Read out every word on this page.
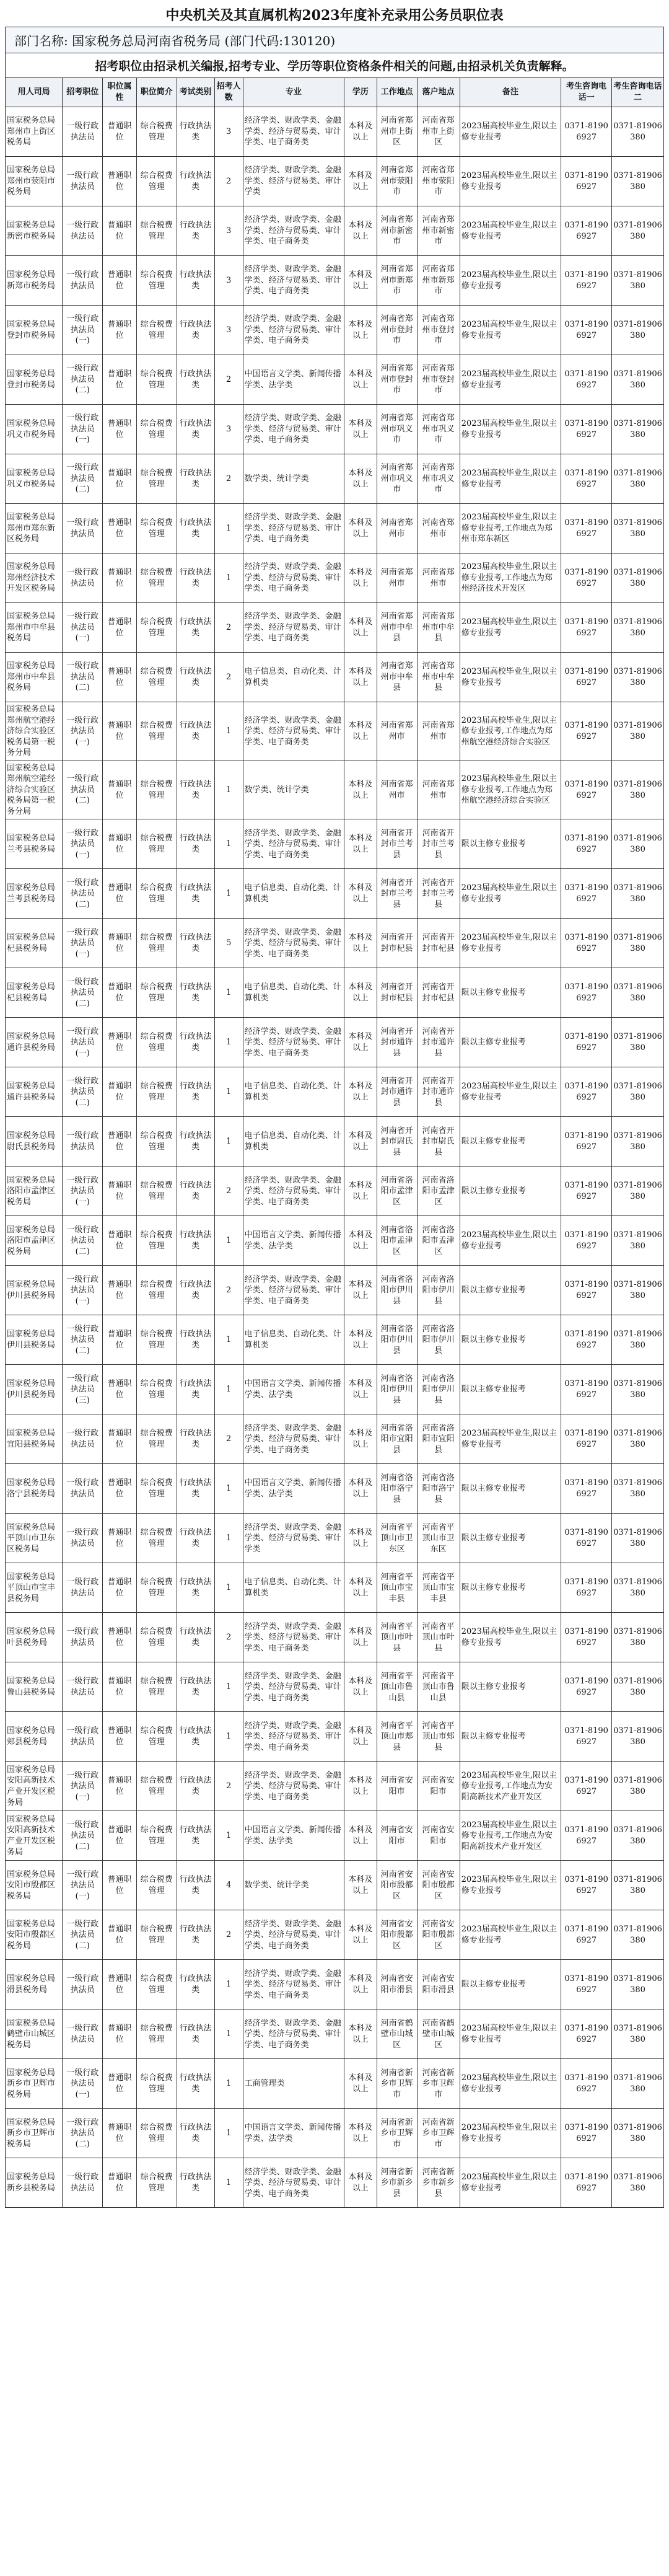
中央机关及其直属机构2023年度补充录用公务员职位表
部门名称: 国家税务总局河南省税务局 (部门代码:130120)
招考职位由招录机关编报,招考专业、学历等职位资格条件相关的问题,由招录机关负责解释。
用人司局	招考职位	职位属性	职位简介	考试类别	招考人数	专业	学历	工作地点	落户地点	备注	考生咨询电话一	考生咨询电话二
国家税务总局郑州市上街区税务局	一级行政执法员	普通职位	综合税费管理	行政执法类	3	经济学类、财政学类、金融学类、经济与贸易类、审计学类、电子商务类	本科及以上	河南省郑州市上街区	河南省郑州市上街区	2023届高校毕业生,限以主修专业报考	0371-81906927	0371-81906380
国家税务总局郑州市荥阳市税务局	一级行政执法员	普通职位	综合税费管理	行政执法类	2	经济学类、财政学类、金融学类、经济与贸易类、审计学类	本科及以上	河南省郑州市荥阳市	河南省郑州市荥阳市	2023届高校毕业生,限以主修专业报考	0371-81906927	0371-81906380
国家税务总局新密市税务局	一级行政执法员	普通职位	综合税费管理	行政执法类	3	经济学类、财政学类、金融学类、经济与贸易类、审计学类、电子商务类	本科及以上	河南省郑州市新密市	河南省郑州市新密市	2023届高校毕业生,限以主修专业报考	0371-81906927	0371-81906380
国家税务总局新郑市税务局	一级行政执法员	普通职位	综合税费管理	行政执法类	3	经济学类、财政学类、金融学类、经济与贸易类、审计学类、电子商务类	本科及以上	河南省郑州市新郑市	河南省郑州市新郑市	2023届高校毕业生,限以主修专业报考	0371-81906927	0371-81906380
国家税务总局登封市税务局	一级行政执法员(一)	普通职位	综合税费管理	行政执法类	3	经济学类、财政学类、金融学类、经济与贸易类、审计学类、电子商务类	本科及以上	河南省郑州市登封市	河南省郑州市登封市	2023届高校毕业生,限以主修专业报考	0371-81906927	0371-81906380
国家税务总局登封市税务局	一级行政执法员(二)	普通职位	综合税费管理	行政执法类	2	中国语言文学类、新闻传播学类、法学类	本科及以上	河南省郑州市登封市	河南省郑州市登封市	2023届高校毕业生,限以主修专业报考	0371-81906927	0371-81906380
国家税务总局巩义市税务局	一级行政执法员(一)	普通职位	综合税费管理	行政执法类	3	经济学类、财政学类、金融学类、经济与贸易类、审计学类、电子商务类	本科及以上	河南省郑州市巩义市	河南省郑州市巩义市	2023届高校毕业生,限以主修专业报考	0371-81906927	0371-81906380
国家税务总局巩义市税务局	一级行政执法员(二)	普通职位	综合税费管理	行政执法类	2	数学类、统计学类	本科及以上	河南省郑州市巩义市	河南省郑州市巩义市	2023届高校毕业生,限以主修专业报考	0371-81906927	0371-81906380
国家税务总局郑州市郑东新区税务局	一级行政执法员	普通职位	综合税费管理	行政执法类	1	经济学类、财政学类、金融学类、经济与贸易类、审计学类、电子商务类	本科及以上	河南省郑州市	河南省郑州市	2023届高校毕业生,限以主修专业报考,工作地点为郑州市郑东新区	0371-81906927	0371-81906380
国家税务总局郑州经济技术开发区税务局	一级行政执法员	普通职位	综合税费管理	行政执法类	1	经济学类、财政学类、金融学类、经济与贸易类、审计学类、电子商务类	本科及以上	河南省郑州市	河南省郑州市	2023届高校毕业生,限以主修专业报考,工作地点为郑州经济技术开发区	0371-81906927	0371-81906380
国家税务总局郑州市中牟县税务局	一级行政执法员(一)	普通职位	综合税费管理	行政执法类	2	经济学类、财政学类、金融学类、经济与贸易类、审计学类、电子商务类	本科及以上	河南省郑州市中牟县	河南省郑州市中牟县	2023届高校毕业生,限以主修专业报考	0371-81906927	0371-81906380
国家税务总局郑州市中牟县税务局	一级行政执法员(二)	普通职位	综合税费管理	行政执法类	2	电子信息类、自动化类、计算机类	本科及以上	河南省郑州市中牟县	河南省郑州市中牟县	2023届高校毕业生,限以主修专业报考	0371-81906927	0371-81906380
国家税务总局郑州航空港经济综合实验区税务局第一税务分局	一级行政执法员(一)	普通职位	综合税费管理	行政执法类	1	经济学类、财政学类、金融学类、经济与贸易类、审计学类、电子商务类	本科及以上	河南省郑州市	河南省郑州市	2023届高校毕业生,限以主修专业报考,工作地点为郑州航空港经济综合实验区	0371-81906927	0371-81906380
国家税务总局郑州航空港经济综合实验区税务局第一税务分局	一级行政执法员(二)	普通职位	综合税费管理	行政执法类	1	数学类、统计学类	本科及以上	河南省郑州市	河南省郑州市	2023届高校毕业生,限以主修专业报考,工作地点为郑州航空港经济综合实验区	0371-81906927	0371-81906380
国家税务总局兰考县税务局	一级行政执法员(一)	普通职位	综合税费管理	行政执法类	1	经济学类、财政学类、金融学类、经济与贸易类、审计学类、电子商务类	本科及以上	河南省开封市兰考县	河南省开封市兰考县	限以主修专业报考	0371-81906927	0371-81906380
国家税务总局兰考县税务局	一级行政执法员(二)	普通职位	综合税费管理	行政执法类	1	电子信息类、自动化类、计算机类	本科及以上	河南省开封市兰考县	河南省开封市兰考县	2023届高校毕业生,限以主修专业报考	0371-81906927	0371-81906380
国家税务总局杞县税务局	一级行政执法员(一)	普通职位	综合税费管理	行政执法类	5	经济学类、财政学类、金融学类、经济与贸易类、审计学类、电子商务类	本科及以上	河南省开封市杞县	河南省开封市杞县	2023届高校毕业生,限以主修专业报考	0371-81906927	0371-81906380
国家税务总局杞县税务局	一级行政执法员(二)	普通职位	综合税费管理	行政执法类	1	电子信息类、自动化类、计算机类	本科及以上	河南省开封市杞县	河南省开封市杞县	限以主修专业报考	0371-81906927	0371-81906380
国家税务总局通许县税务局	一级行政执法员(一)	普通职位	综合税费管理	行政执法类	1	经济学类、财政学类、金融学类、经济与贸易类、审计学类、电子商务类	本科及以上	河南省开封市通许县	河南省开封市通许县	限以主修专业报考	0371-81906927	0371-81906380
国家税务总局通许县税务局	一级行政执法员(二)	普通职位	综合税费管理	行政执法类	1	电子信息类、自动化类、计算机类	本科及以上	河南省开封市通许县	河南省开封市通许县	2023届高校毕业生,限以主修专业报考	0371-81906927	0371-81906380
国家税务总局尉氏县税务局	一级行政执法员	普通职位	综合税费管理	行政执法类	1	电子信息类、自动化类、计算机类	本科及以上	河南省开封市尉氏县	河南省开封市尉氏县	限以主修专业报考	0371-81906927	0371-81906380
国家税务总局洛阳市孟津区税务局	一级行政执法员(一)	普通职位	综合税费管理	行政执法类	2	经济学类、财政学类、金融学类、经济与贸易类、审计学类、电子商务类	本科及以上	河南省洛阳市孟津区	河南省洛阳市孟津区	限以主修专业报考	0371-81906927	0371-81906380
国家税务总局洛阳市孟津区税务局	一级行政执法员(二)	普通职位	综合税费管理	行政执法类	1	中国语言文学类、新闻传播学类、法学类	本科及以上	河南省洛阳市孟津区	河南省洛阳市孟津区	2023届高校毕业生,限以主修专业报考	0371-81906927	0371-81906380
国家税务总局伊川县税务局	一级行政执法员(一)	普通职位	综合税费管理	行政执法类	2	经济学类、财政学类、金融学类、经济与贸易类、审计学类、电子商务类	本科及以上	河南省洛阳市伊川县	河南省洛阳市伊川县	限以主修专业报考	0371-81906927	0371-81906380
国家税务总局伊川县税务局	一级行政执法员(二)	普通职位	综合税费管理	行政执法类	1	电子信息类、自动化类、计算机类	本科及以上	河南省洛阳市伊川县	河南省洛阳市伊川县	限以主修专业报考	0371-81906927	0371-81906380
国家税务总局伊川县税务局	一级行政执法员(三)	普通职位	综合税费管理	行政执法类	1	中国语言文学类、新闻传播学类、法学类	本科及以上	河南省洛阳市伊川县	河南省洛阳市伊川县	限以主修专业报考	0371-81906927	0371-81906380
国家税务总局宜阳县税务局	一级行政执法员	普通职位	综合税费管理	行政执法类	2	经济学类、财政学类、金融学类、经济与贸易类、审计学类、电子商务类	本科及以上	河南省洛阳市宜阳县	河南省洛阳市宜阳县	2023届高校毕业生,限以主修专业报考	0371-81906927	0371-81906380
国家税务总局洛宁县税务局	一级行政执法员	普通职位	综合税费管理	行政执法类	1	中国语言文学类、新闻传播学类、法学类	本科及以上	河南省洛阳市洛宁县	河南省洛阳市洛宁县	限以主修专业报考	0371-81906927	0371-81906380
国家税务总局平顶山市卫东区税务局	一级行政执法员	普通职位	综合税费管理	行政执法类	1	经济学类、财政学类、金融学类、经济与贸易类、审计学类	本科及以上	河南省平顶山市卫东区	河南省平顶山市卫东区	限以主修专业报考	0371-81906927	0371-81906380
国家税务总局平顶山市宝丰县税务局	一级行政执法员	普通职位	综合税费管理	行政执法类	1	电子信息类、自动化类、计算机类	本科及以上	河南省平顶山市宝丰县	河南省平顶山市宝丰县	限以主修专业报考	0371-81906927	0371-81906380
国家税务总局叶县税务局	一级行政执法员	普通职位	综合税费管理	行政执法类	2	经济学类、财政学类、金融学类、经济与贸易类、审计学类、电子商务类	本科及以上	河南省平顶山市叶县	河南省平顶山市叶县	2023届高校毕业生,限以主修专业报考	0371-81906927	0371-81906380
国家税务总局鲁山县税务局	一级行政执法员	普通职位	综合税费管理	行政执法类	1	经济学类、财政学类、金融学类、经济与贸易类、审计学类、电子商务类	本科及以上	河南省平顶山市鲁山县	河南省平顶山市鲁山县	限以主修专业报考	0371-81906927	0371-81906380
国家税务总局郏县税务局	一级行政执法员	普通职位	综合税费管理	行政执法类	1	经济学类、财政学类、金融学类、经济与贸易类、审计学类、电子商务类	本科及以上	河南省平顶山市郏县	河南省平顶山市郏县	限以主修专业报考	0371-81906927	0371-81906380
国家税务总局安阳高新技术产业开发区税务局	一级行政执法员(一)	普通职位	综合税费管理	行政执法类	2	经济学类、财政学类、金融学类、经济与贸易类、审计学类、电子商务类	本科及以上	河南省安阳市	河南省安阳市	2023届高校毕业生,限以主修专业报考,工作地点为安阳高新技术产业开发区	0371-81906927	0371-81906380
国家税务总局安阳高新技术产业开发区税务局	一级行政执法员(二)	普通职位	综合税费管理	行政执法类	1	中国语言文学类、新闻传播学类、法学类	本科及以上	河南省安阳市	河南省安阳市	2023届高校毕业生,限以主修专业报考,工作地点为安阳高新技术产业开发区	0371-81906927	0371-81906380
国家税务总局安阳市殷都区税务局	一级行政执法员(一)	普通职位	综合税费管理	行政执法类	4	数学类、统计学类	本科及以上	河南省安阳市殷都区	河南省安阳市殷都区	2023届高校毕业生,限以主修专业报考	0371-81906927	0371-81906380
国家税务总局安阳市殷都区税务局	一级行政执法员(二)	普通职位	综合税费管理	行政执法类	2	经济学类、财政学类、金融学类、经济与贸易类、审计学类、电子商务类	本科及以上	河南省安阳市殷都区	河南省安阳市殷都区	2023届高校毕业生,限以主修专业报考	0371-81906927	0371-81906380
国家税务总局滑县税务局	一级行政执法员	普通职位	综合税费管理	行政执法类	1	经济学类、财政学类、金融学类、经济与贸易类、审计学类、电子商务类	本科及以上	河南省安阳市滑县	河南省安阳市滑县	限以主修专业报考	0371-81906927	0371-81906380
国家税务总局鹤壁市山城区税务局	一级行政执法员	普通职位	综合税费管理	行政执法类	1	经济学类、财政学类、金融学类、经济与贸易类、审计学类、电子商务类	本科及以上	河南省鹤壁市山城区	河南省鹤壁市山城区	2023届高校毕业生,限以主修专业报考	0371-81906927	0371-81906380
国家税务总局新乡市卫辉市税务局	一级行政执法员(一)	普通职位	综合税费管理	行政执法类	1	工商管理类	本科及以上	河南省新乡市卫辉市	河南省新乡市卫辉市	2023届高校毕业生,限以主修专业报考	0371-81906927	0371-81906380
国家税务总局新乡市卫辉市税务局	一级行政执法员(二)	普通职位	综合税费管理	行政执法类	1	中国语言文学类、新闻传播学类、法学类	本科及以上	河南省新乡市卫辉市	河南省新乡市卫辉市	2023届高校毕业生,限以主修专业报考	0371-81906927	0371-81906380
国家税务总局新乡县税务局	一级行政执法员	普通职位	综合税费管理	行政执法类	1	经济学类、财政学类、金融学类、经济与贸易类、审计学类、电子商务类	本科及以上	河南省新乡市新乡县	河南省新乡市新乡县	2023届高校毕业生,限以主修专业报考	0371-81906927	0371-81906380
